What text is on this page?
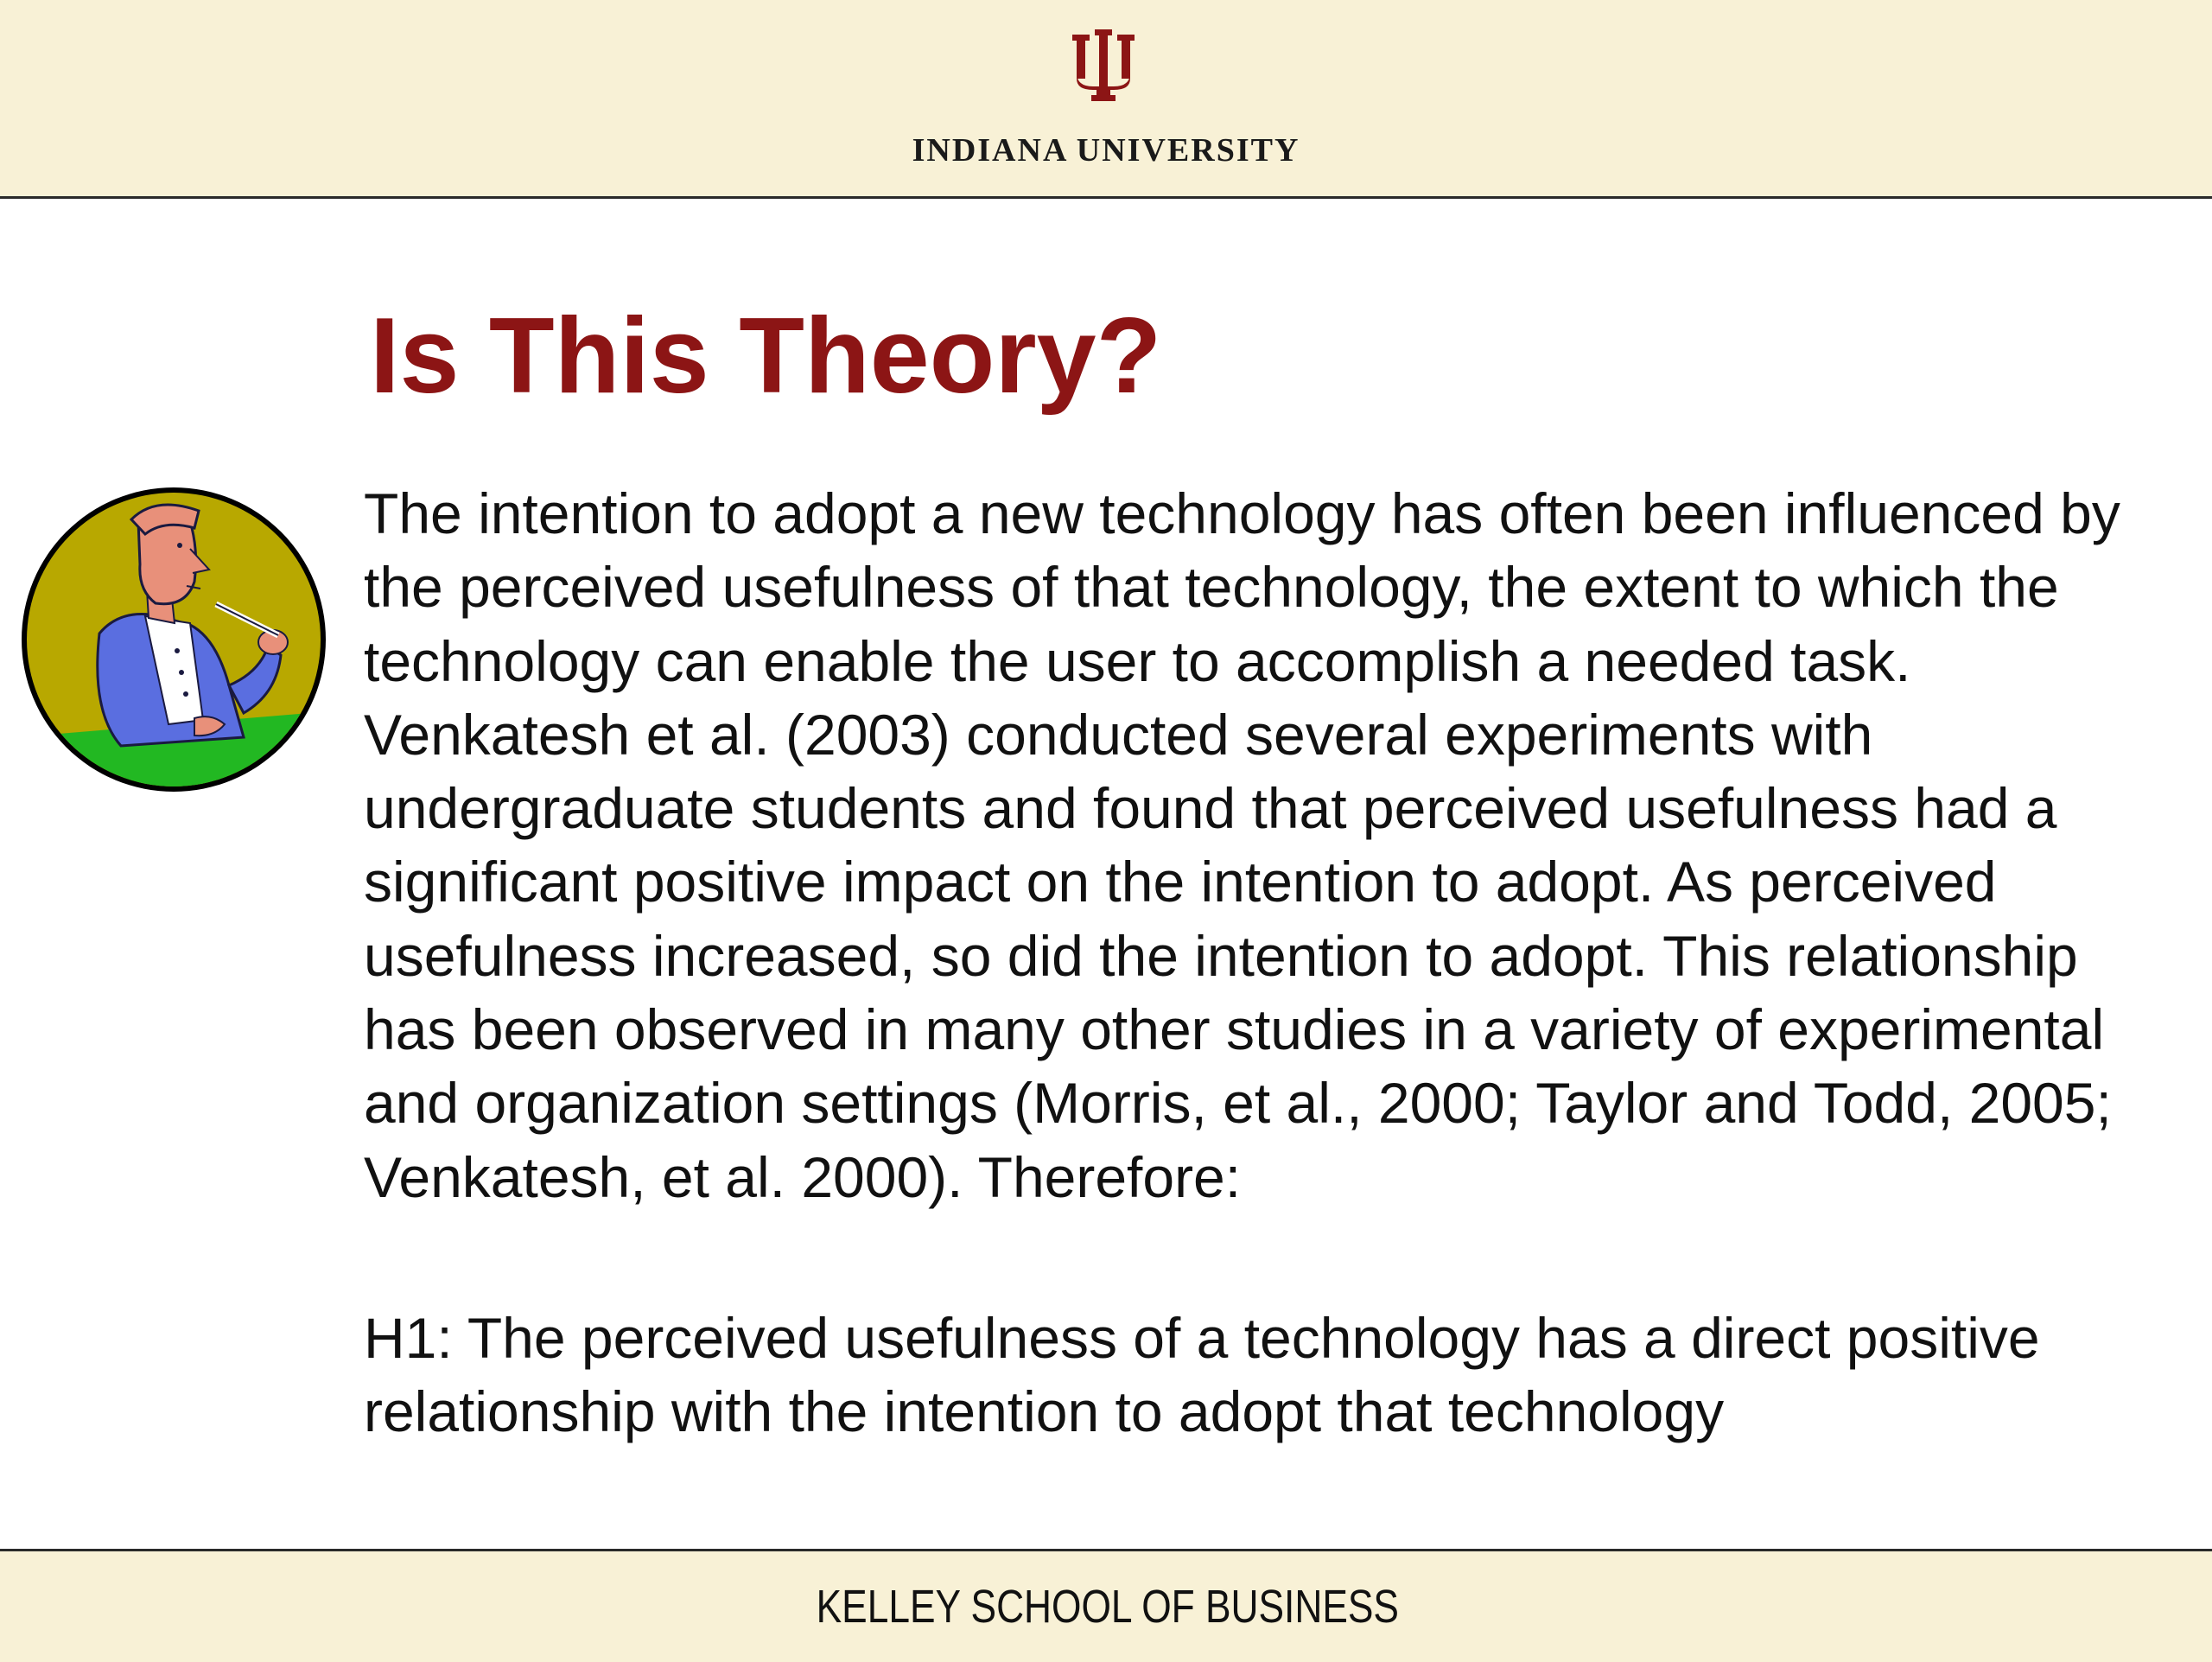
INDIANA UNIVERSITY
Is This Theory?

The intention to adopt a new technology has often been influenced by the perceived usefulness of that technology, the extent to which the technology can enable the user to accomplish a needed task. Venkatesh et al. (2003) conducted several experiments with undergraduate students and found that perceived usefulness had a significant positive impact on the intention to adopt. As perceived usefulness increased, so did the intention to adopt. This relationship has been observed in many other studies in a variety of experimental and organization settings (Morris, et al., 2000; Taylor and Todd, 2005; Venkatesh, et al. 2000). Therefore:

H1: The perceived usefulness of a technology has a direct positive relationship with the intention to adopt that technology

KELLEY SCHOOL OF BUSINESS
